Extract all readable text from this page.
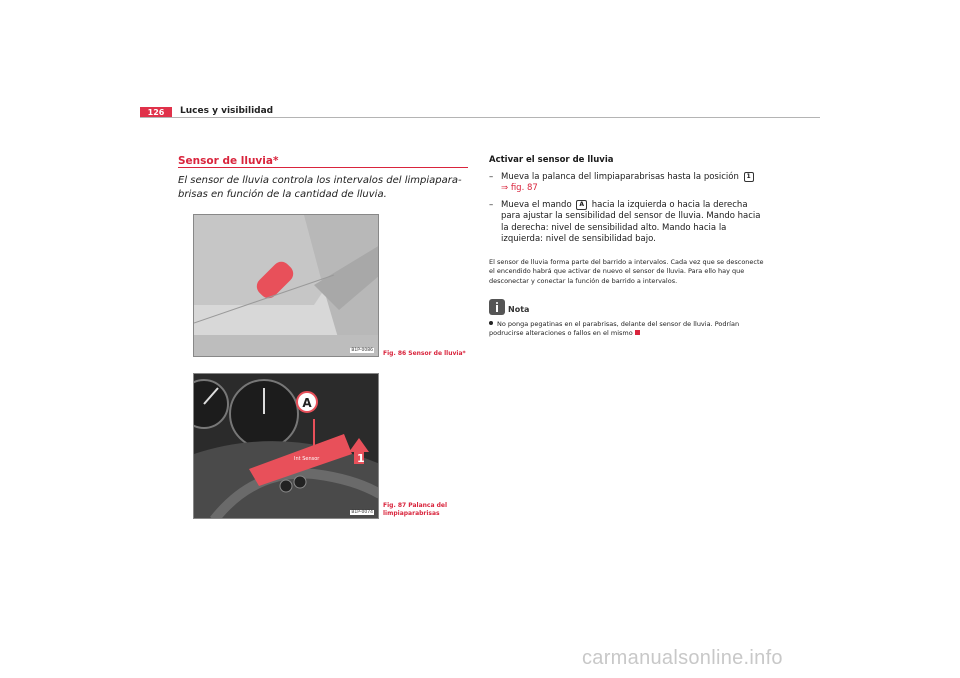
126	Luces y visibilidad
Sensor de lluvia*
El sensor de lluvia controla los intervalos del limpiapara-brisas en función de la cantidad de lluvia.
B1P-0086 Fig. 86 Sensor de lluvia*
A
1
Int Sensor
B1P-0074
Fig. 87 Palanca del limpiaparabrisas
Activar el sensor de lluvia
– Mueva la palanca del limpiaparabrisas hasta la posición 1
⇒ fig. 87
– Mueva el mando A hacia la izquierda o hacia la derecha para ajustar la sensibilidad del sensor de lluvia. Mando hacia la derecha: nivel de sensibilidad alto. Mando hacia la izquierda: nivel de sensibilidad bajo.
El sensor de lluvia forma parte del barrido a intervalos. Cada vez que se desconecte el encendido habrá que activar de nuevo el sensor de lluvia. Para ello hay que desconectar y conectar la función de barrido a intervalos.
Nota
No ponga pegatinas en el parabrisas, delante del sensor de lluvia. Podrían podrucirse alteraciones o fallos en el mismo
carmanualsonline.info
